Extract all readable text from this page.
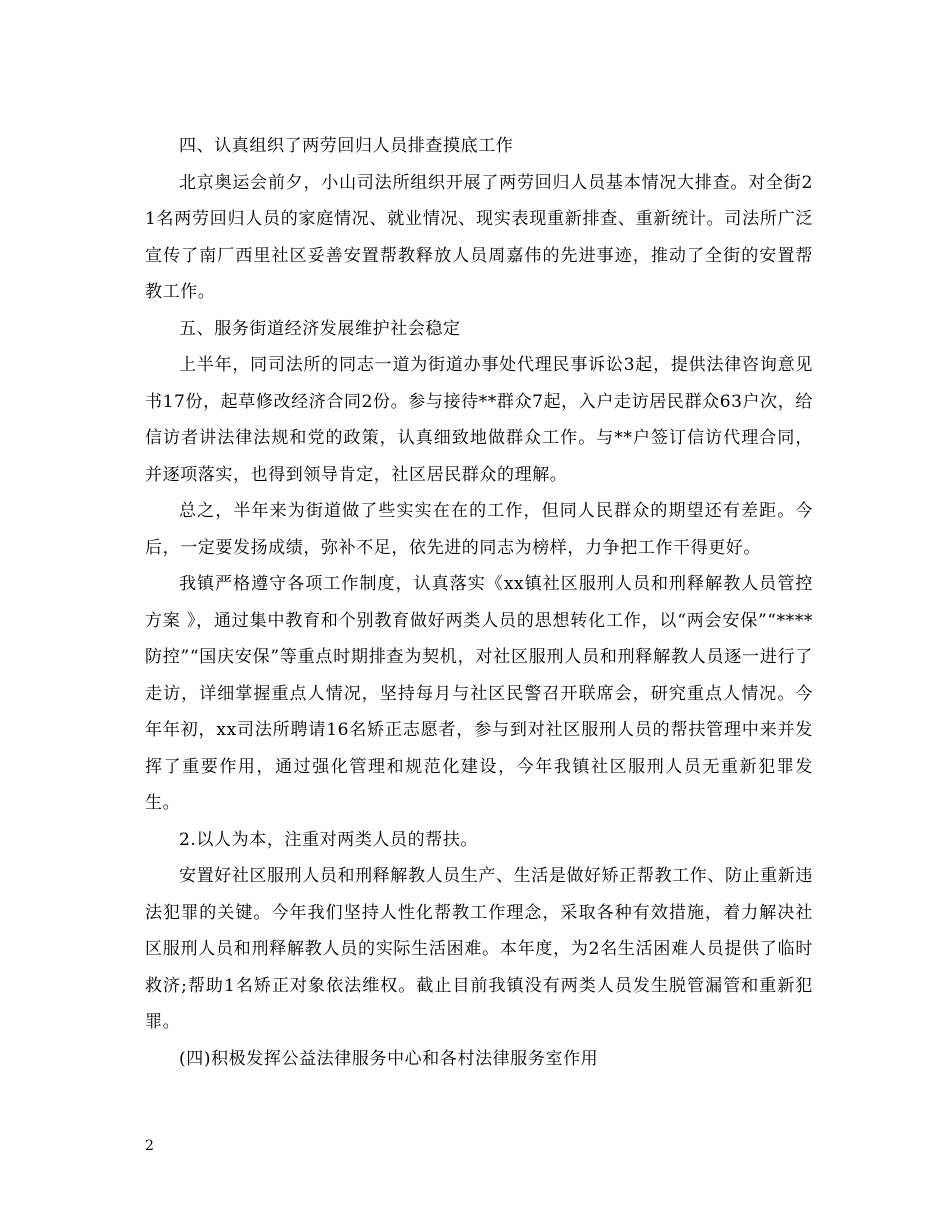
四、认真组织了两劳回归人员排查摸底工作

北京奥运会前夕，小山司法所组织开展了两劳回归人员基本情况大排查。对全街21名两劳回归人员的家庭情况、就业情况、现实表现重新排查、重新统计。司法所广泛宣传了南厂西里社区妥善安置帮教释放人员周嘉伟的先进事迹，推动了全街的安置帮教工作。

五、服务街道经济发展维护社会稳定

上半年，同司法所的同志一道为街道办事处代理民事诉讼3起，提供法律咨询意见书17份，起草修改经济合同2份。参与接待**群众7起，入户走访居民群众63户次，给信访者讲法律法规和党的政策，认真细致地做群众工作。与**户签订信访代理合同，并逐项落实，也得到领导肯定，社区居民群众的理解。

总之，半年来为街道做了些实实在在的工作，但同人民群众的期望还有差距。今后，一定要发扬成绩，弥补不足，依先进的同志为榜样，力争把工作干得更好。

我镇严格遵守各项工作制度，认真落实《xx镇社区服刑人员和刑释解教人员管控方案 》，通过集中教育和个别教育做好两类人员的思想转化工作，以“两会安保”“****防控”“国庆安保”等重点时期排查为契机，对社区服刑人员和刑释解教人员逐一进行了走访，详细掌握重点人情况，坚持每月与社区民警召开联席会，研究重点人情况。今年年初，xx司法所聘请16名矫正志愿者，参与到对社区服刑人员的帮扶管理中来并发挥了重要作用，通过强化管理和规范化建设，今年我镇社区服刑人员无重新犯罪发生。

2.以人为本，注重对两类人员的帮扶。

安置好社区服刑人员和刑释解教人员生产、生活是做好矫正帮教工作、防止重新违法犯罪的关键。今年我们坚持人性化帮教工作理念，采取各种有效措施，着力解决社区服刑人员和刑释解教人员的实际生活困难。本年度，为2名生活困难人员提供了临时救济;帮助1名矫正对象依法维权。截止目前我镇没有两类人员发生脱管漏管和重新犯罪。

(四)积极发挥公益法律服务中心和各村法律服务室作用

2
